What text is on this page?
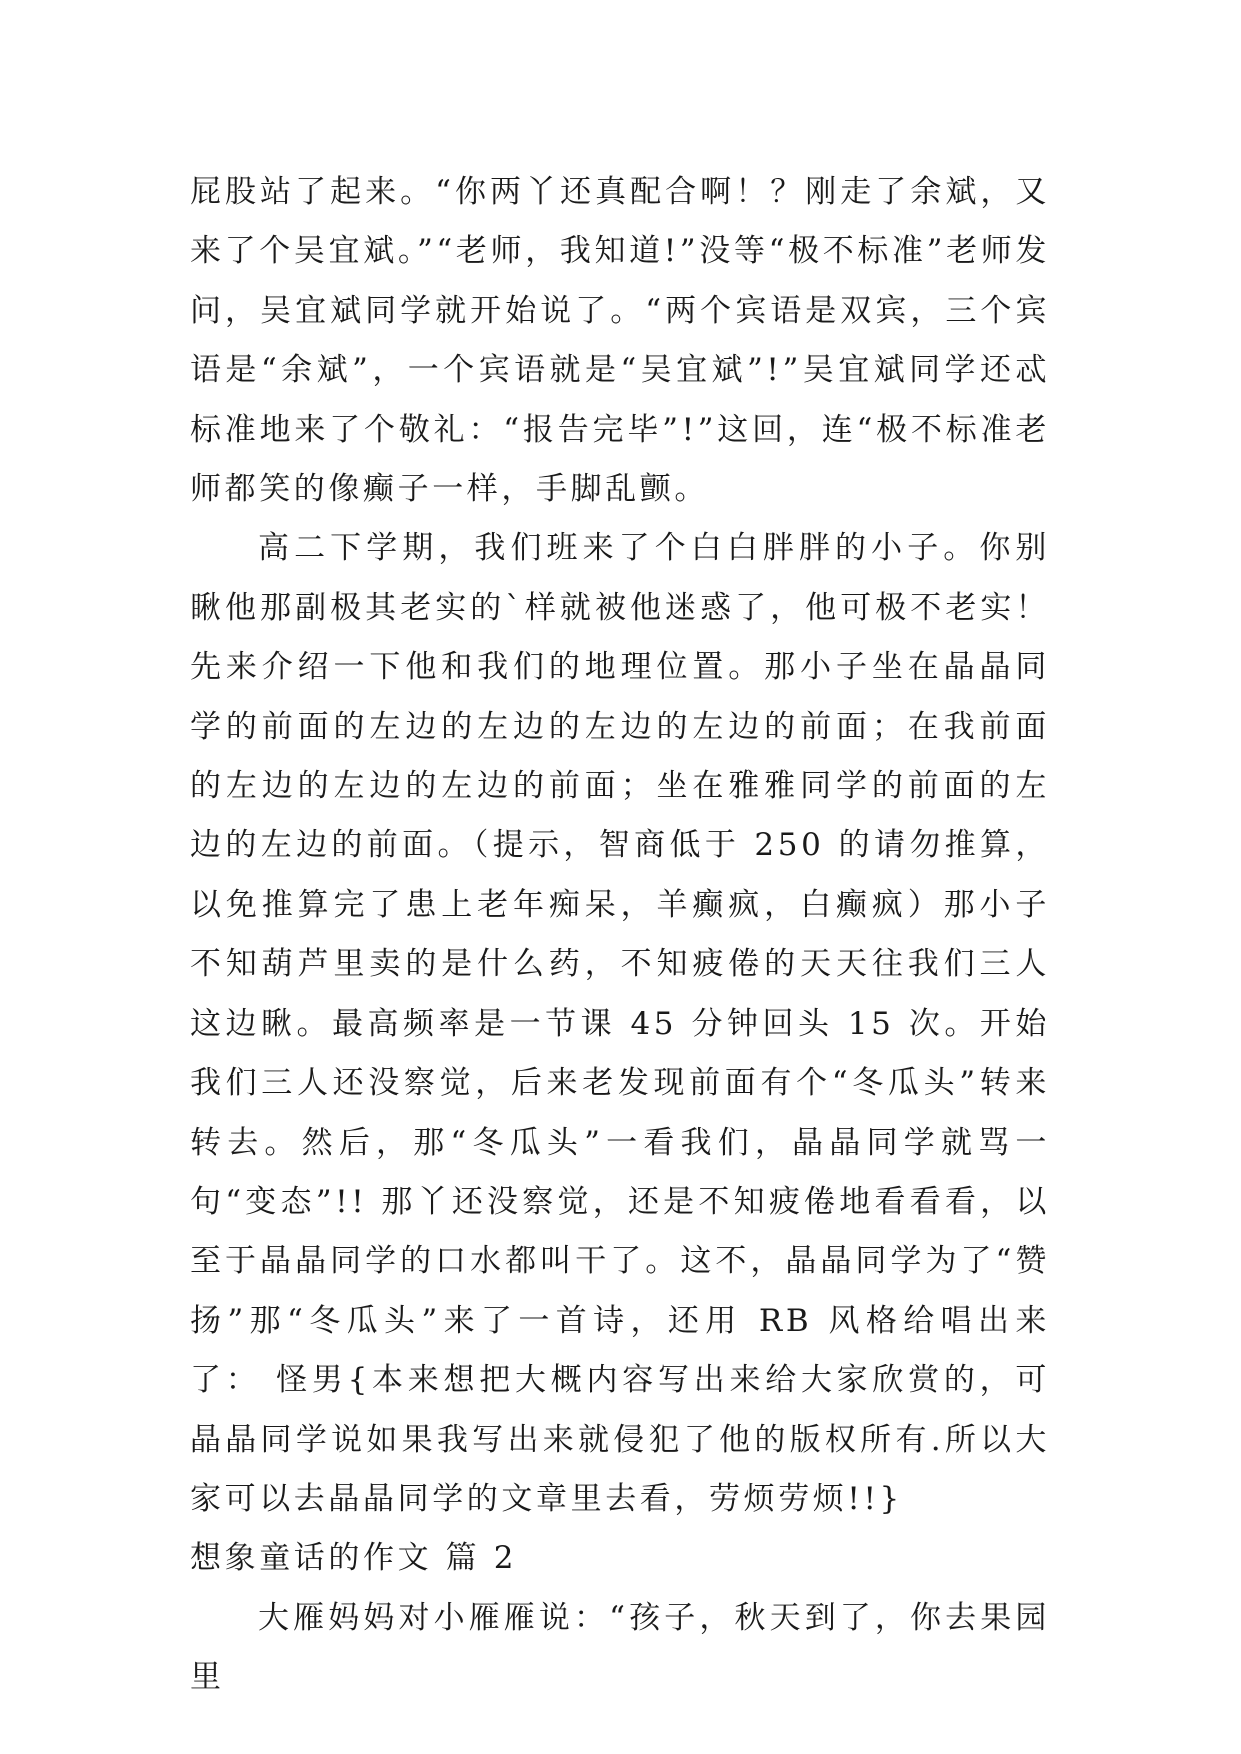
屁股站了起来。“你两丫还真配合啊！？刚走了余斌，又来了个吴宜斌。”“老师，我知道!”没等“极不标准”老师发问，吴宜斌同学就开始说了。“两个宾语是双宾，三个宾语是“余斌”，一个宾语就是“吴宜斌”!”吴宜斌同学还忒标准地来了个敬礼：“报告完毕”!”这回，连“极不标准老师都笑的像癫子一样，手脚乱颤。

高二下学期，我们班来了个白白胖胖的小子。你别瞅他那副极其老实的`样就被他迷惑了，他可极不老实！先来介绍一下他和我们的地理位置。那小子坐在晶晶同学的前面的左边的左边的左边的左边的前面；在我前面的左边的左边的左边的前面；坐在雅雅同学的前面的左边的左边的前面。（提示，智商低于 250 的请勿推算，以免推算完了患上老年痴呆，羊癫疯，白癫疯）那小子不知葫芦里卖的是什么药，不知疲倦的天天往我们三人这边瞅。最高频率是一节课 45 分钟回头 15 次。开始我们三人还没察觉，后来老发现前面有个“冬瓜头”转来转去。然后，那“冬瓜头”一看我们，晶晶同学就骂一句“变态”!! 那丫还没察觉，还是不知疲倦地看看看，以至于晶晶同学的口水都叫干了。这不，晶晶同学为了“赞扬”那“冬瓜头”来了一首诗，还用 RB 风格给唱出来了： 怪男{本来想把大概内容写出来给大家欣赏的，可晶晶同学说如果我写出来就侵犯了他的版权所有.所以大家可以去晶晶同学的文章里去看，劳烦劳烦!!}

想象童话的作文 篇 2

大雁妈妈对小雁雁说：“孩子，秋天到了，你去果园里
